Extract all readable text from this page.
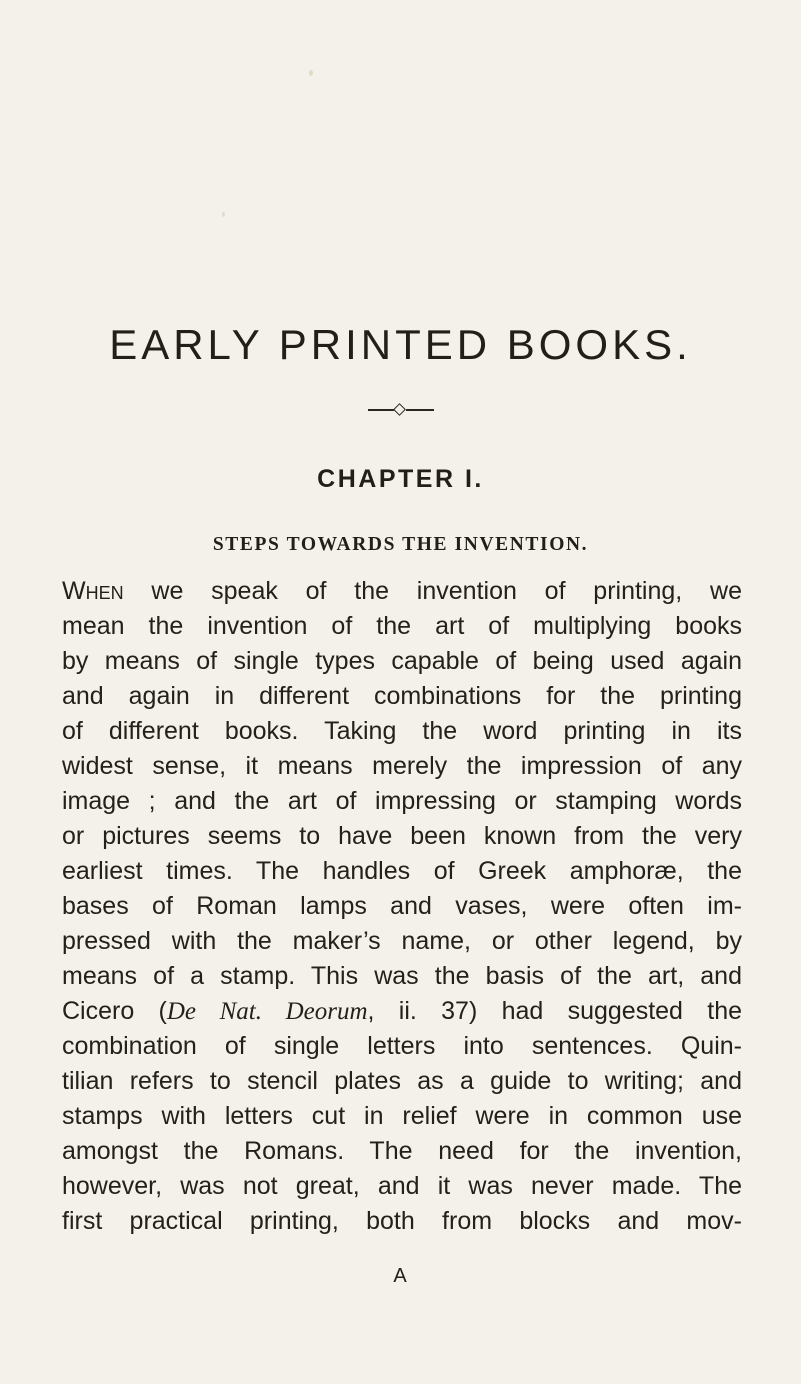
EARLY PRINTED BOOKS.
CHAPTER I.
STEPS TOWARDS THE INVENTION.
When we speak of the invention of printing, we
mean the invention of the art of multiplying books
by means of single types capable of being used again
and again in different combinations for the printing
of different books. Taking the word printing in its
widest sense, it means merely the impression of any
image ; and the art of impressing or stamping words
or pictures seems to have been known from the very
earliest times. The handles of Greek amphoræ, the
bases of Roman lamps and vases, were often im-
pressed with the maker’s name, or other legend, by
means of a stamp. This was the basis of the art, and
Cicero (De Nat. Deorum, ii. 37) had suggested the
combination of single letters into sentences. Quin-
tilian refers to stencil plates as a guide to writing; and
stamps with letters cut in relief were in common use
amongst the Romans. The need for the invention,
however, was not great, and it was never made. The
first practical printing, both from blocks and mov-
A
